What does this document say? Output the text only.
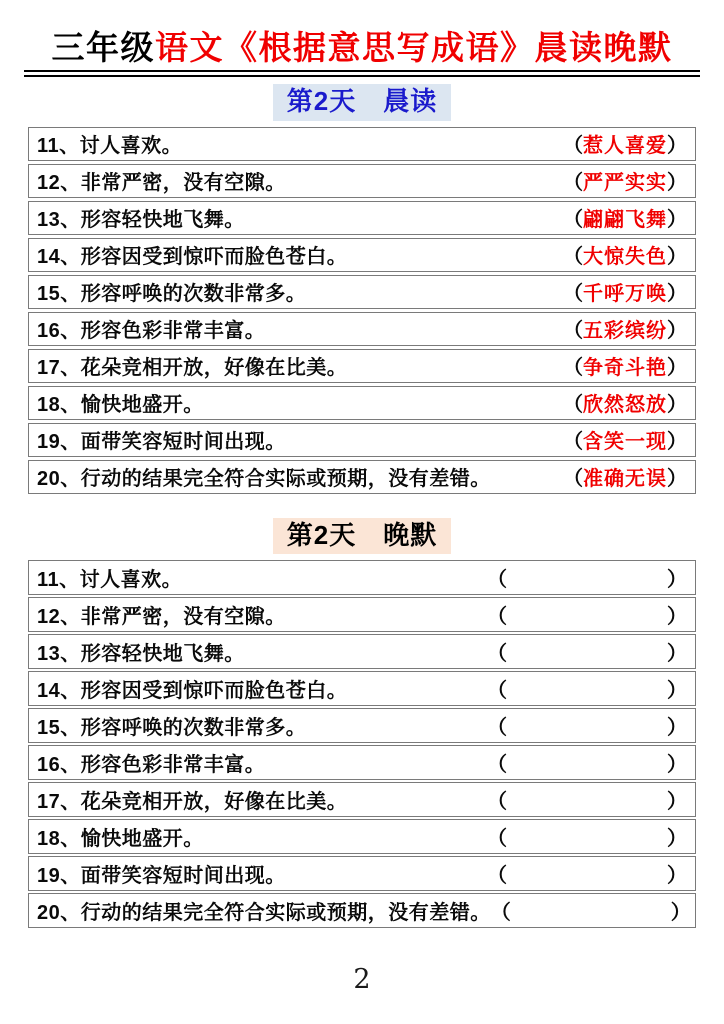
三年级语文《根据意思写成语》晨读晚默
第2天　晨读
11、讨人喜欢。	（ 惹人喜爱 ）
12、非常严密，没有空隙。	（ 严严实实 ）
13、形容轻快地飞舞。	（ 翩翩飞舞 ）
14、形容因受到惊吓而脸色苍白。	（ 大惊失色 ）
15、形容呼唤的次数非常多。	（ 千呼万唤 ）
16、形容色彩非常丰富。	（ 五彩缤纷 ）
17、花朵竞相开放，好像在比美。	（ 争奇斗艳 ）
18、愉快地盛开。	（ 欣然怒放 ）
19、面带笑容短时间出现。	（ 含笑一现 ）
20、行动的结果完全符合实际或预期，没有差错。	（ 准确无误 ）
第2天　晚默
11、讨人喜欢。	（	）
12、非常严密，没有空隙。	（	）
13、形容轻快地飞舞。	（	）
14、形容因受到惊吓而脸色苍白。	（	）
15、形容呼唤的次数非常多。	（	）
16、形容色彩非常丰富。	（	）
17、花朵竞相开放，好像在比美。	（	）
18、愉快地盛开。	（	）
19、面带笑容短时间出现。	（	）
20、行动的结果完全符合实际或预期，没有差错。 （	）
2
